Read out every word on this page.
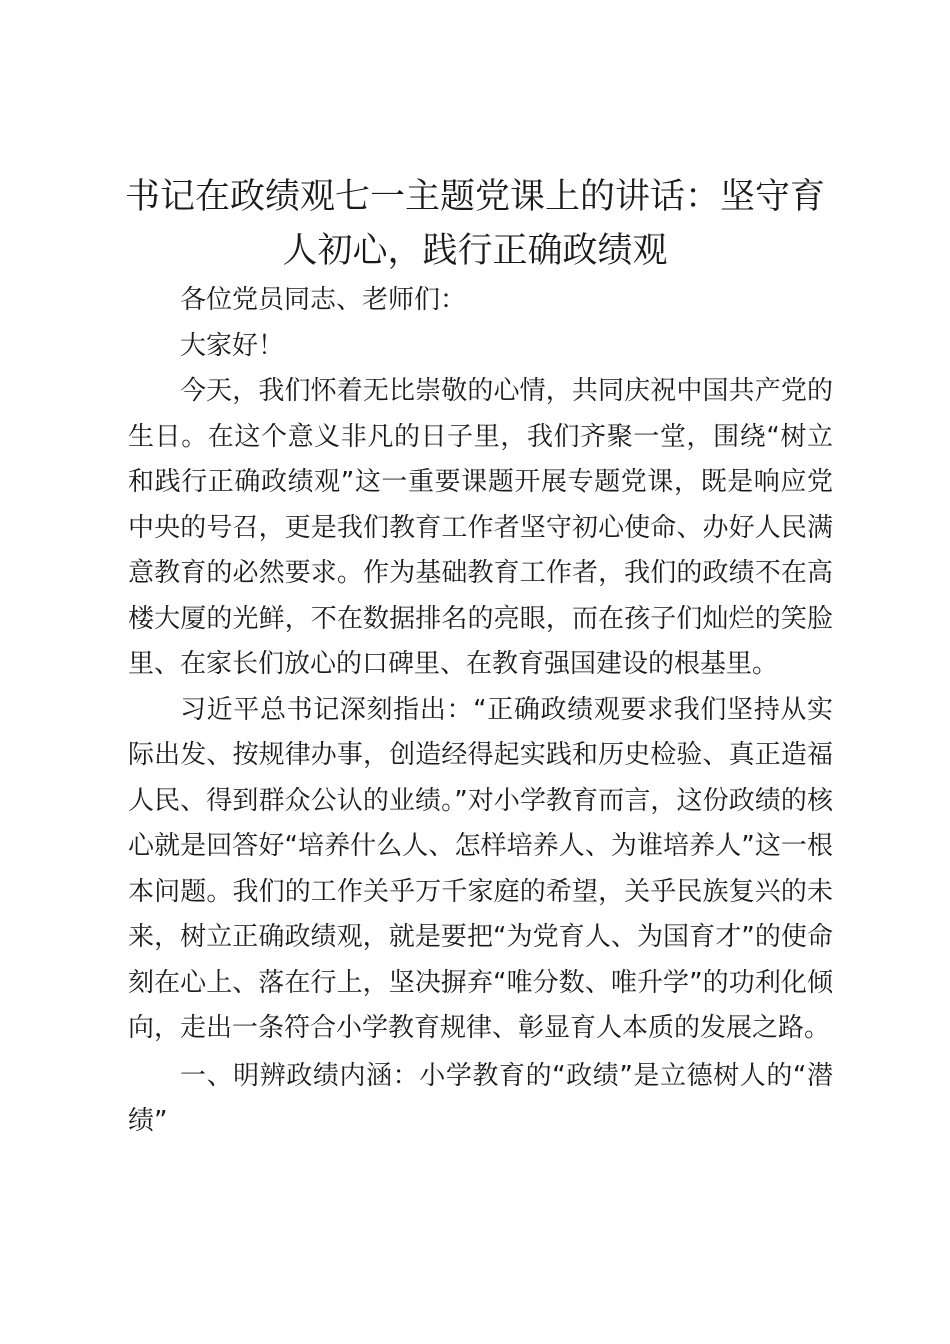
书记在政绩观七一主题党课上的讲话：坚守育人初心，践行正确政绩观

各位党员同志、老师们：

大家好！

今天，我们怀着无比崇敬的心情，共同庆祝中国共产党的生日。在这个意义非凡的日子里，我们齐聚一堂，围绕“树立和践行正确政绩观”这一重要课题开展专题党课，既是响应党中央的号召，更是我们教育工作者坚守初心使命、办好人民满意教育的必然要求。作为基础教育工作者，我们的政绩不在高楼大厦的光鲜，不在数据排名的亮眼，而在孩子们灿烂的笑脸里、在家长们放心的口碑里、在教育强国建设的根基里。

习近平总书记深刻指出：“正确政绩观要求我们坚持从实际出发、按规律办事，创造经得起实践和历史检验、真正造福人民、得到群众公认的业绩。”对小学教育而言，这份政绩的核心就是回答好“培养什么人、怎样培养人、为谁培养人”这一根本问题。我们的工作关乎万千家庭的希望，关乎民族复兴的未来，树立正确政绩观，就是要把“为党育人、为国育才”的使命刻在心上、落在行上，坚决摒弃“唯分数、唯升学”的功利化倾向，走出一条符合小学教育规律、彰显育人本质的发展之路。

一、明辨政绩内涵：小学教育的“政绩”是立德树人的“潜绩”
